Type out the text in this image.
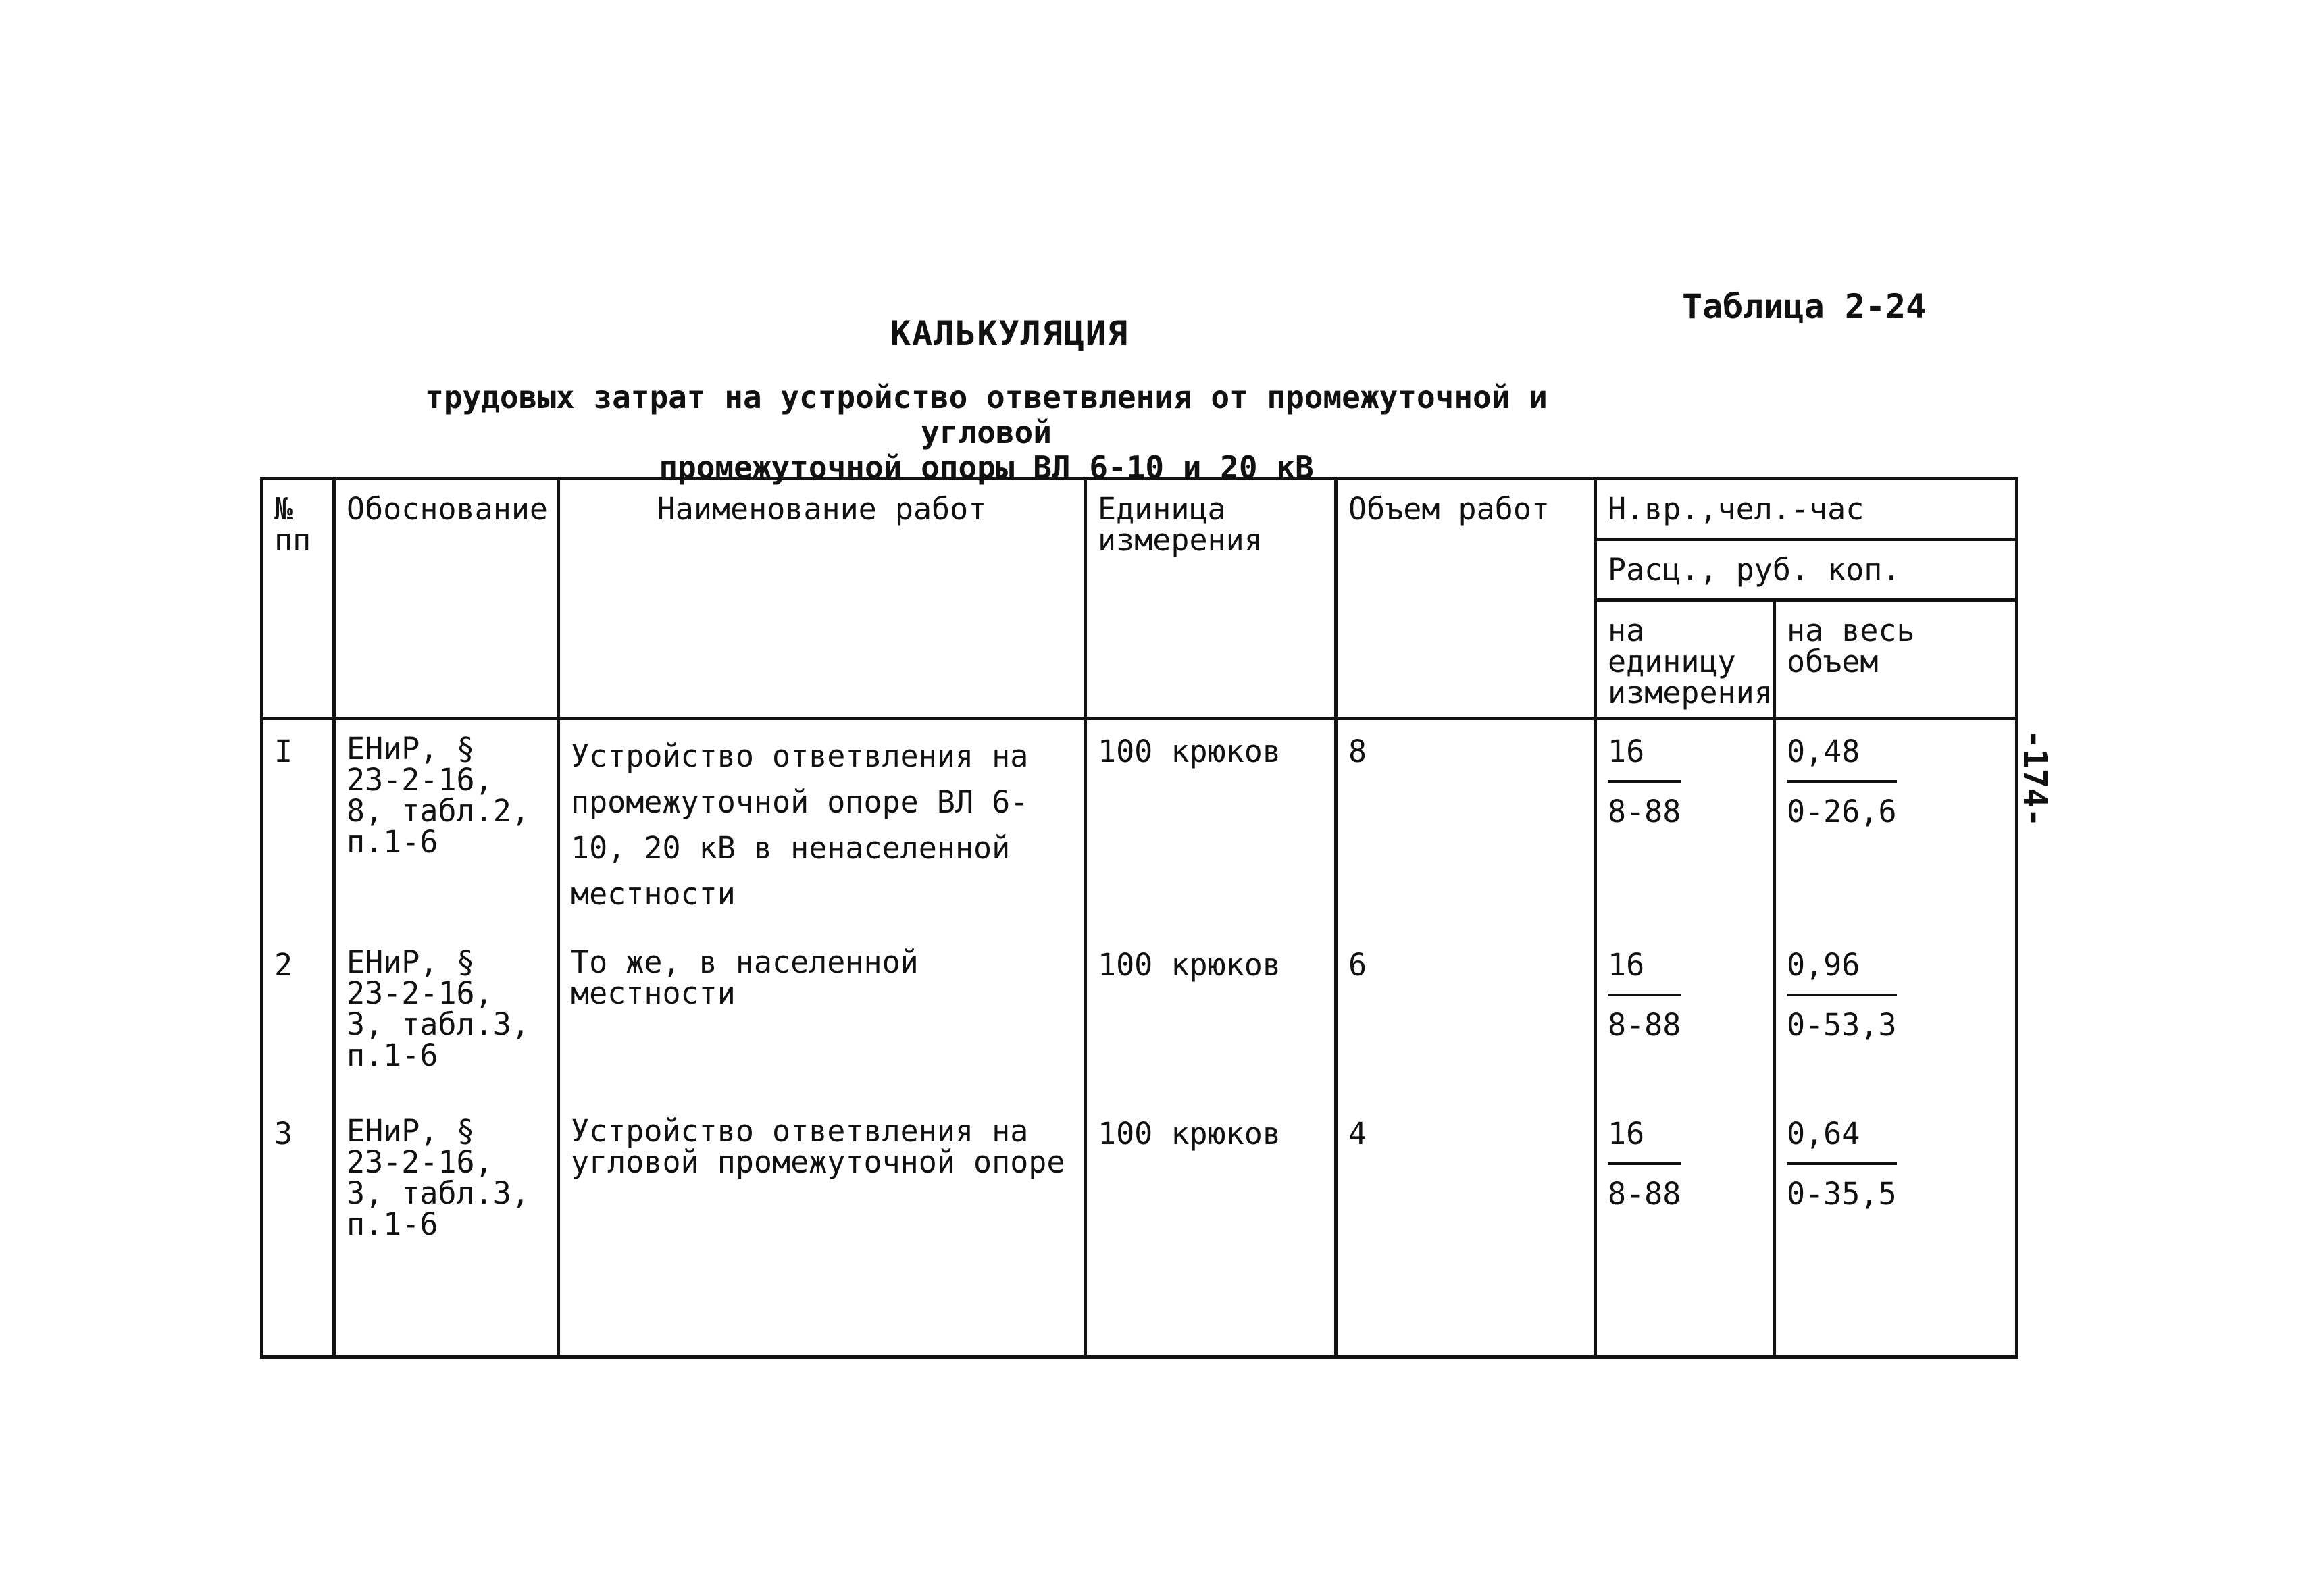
Таблица 2-24
КАЛЬКУЛЯЦИЯ
трудовых затрат на устройство ответвления от промежуточной и угловой
промежуточной опоры ВЛ 6-10 и 20 кВ
-174-
№ пп	Обоснование	Наименование работ	Единица измерения	Объем работ	Н.вр.,чел.-час	
					Расц., руб. коп.	
					на единицу измерения	на весь объем
I	ЕНиР, § 23-2-16, 8, табл.2, п.1-6	Устройство ответвления на промежуточной опоре ВЛ 6-10, 20 кВ в ненаселенной местности	100 крюков	8	$\frac{16}{8-88}$	$\frac{0,48}{0-26,6}$
2	ЕНиР, § 23-2-16, 3, табл.3, п.1-6	То же, в населенной местности	100 крюков	6	$\frac{16}{8-88}$	$\frac{0,96}{0-53,3}$
3	ЕНиР, § 23-2-16, 3, табл.3, п.1-6	Устройство ответвления на угловой промежуточной опоре	100 крюков	4	$\frac{16}{8-88}$	$\frac{0,64}{0-35,5}$
